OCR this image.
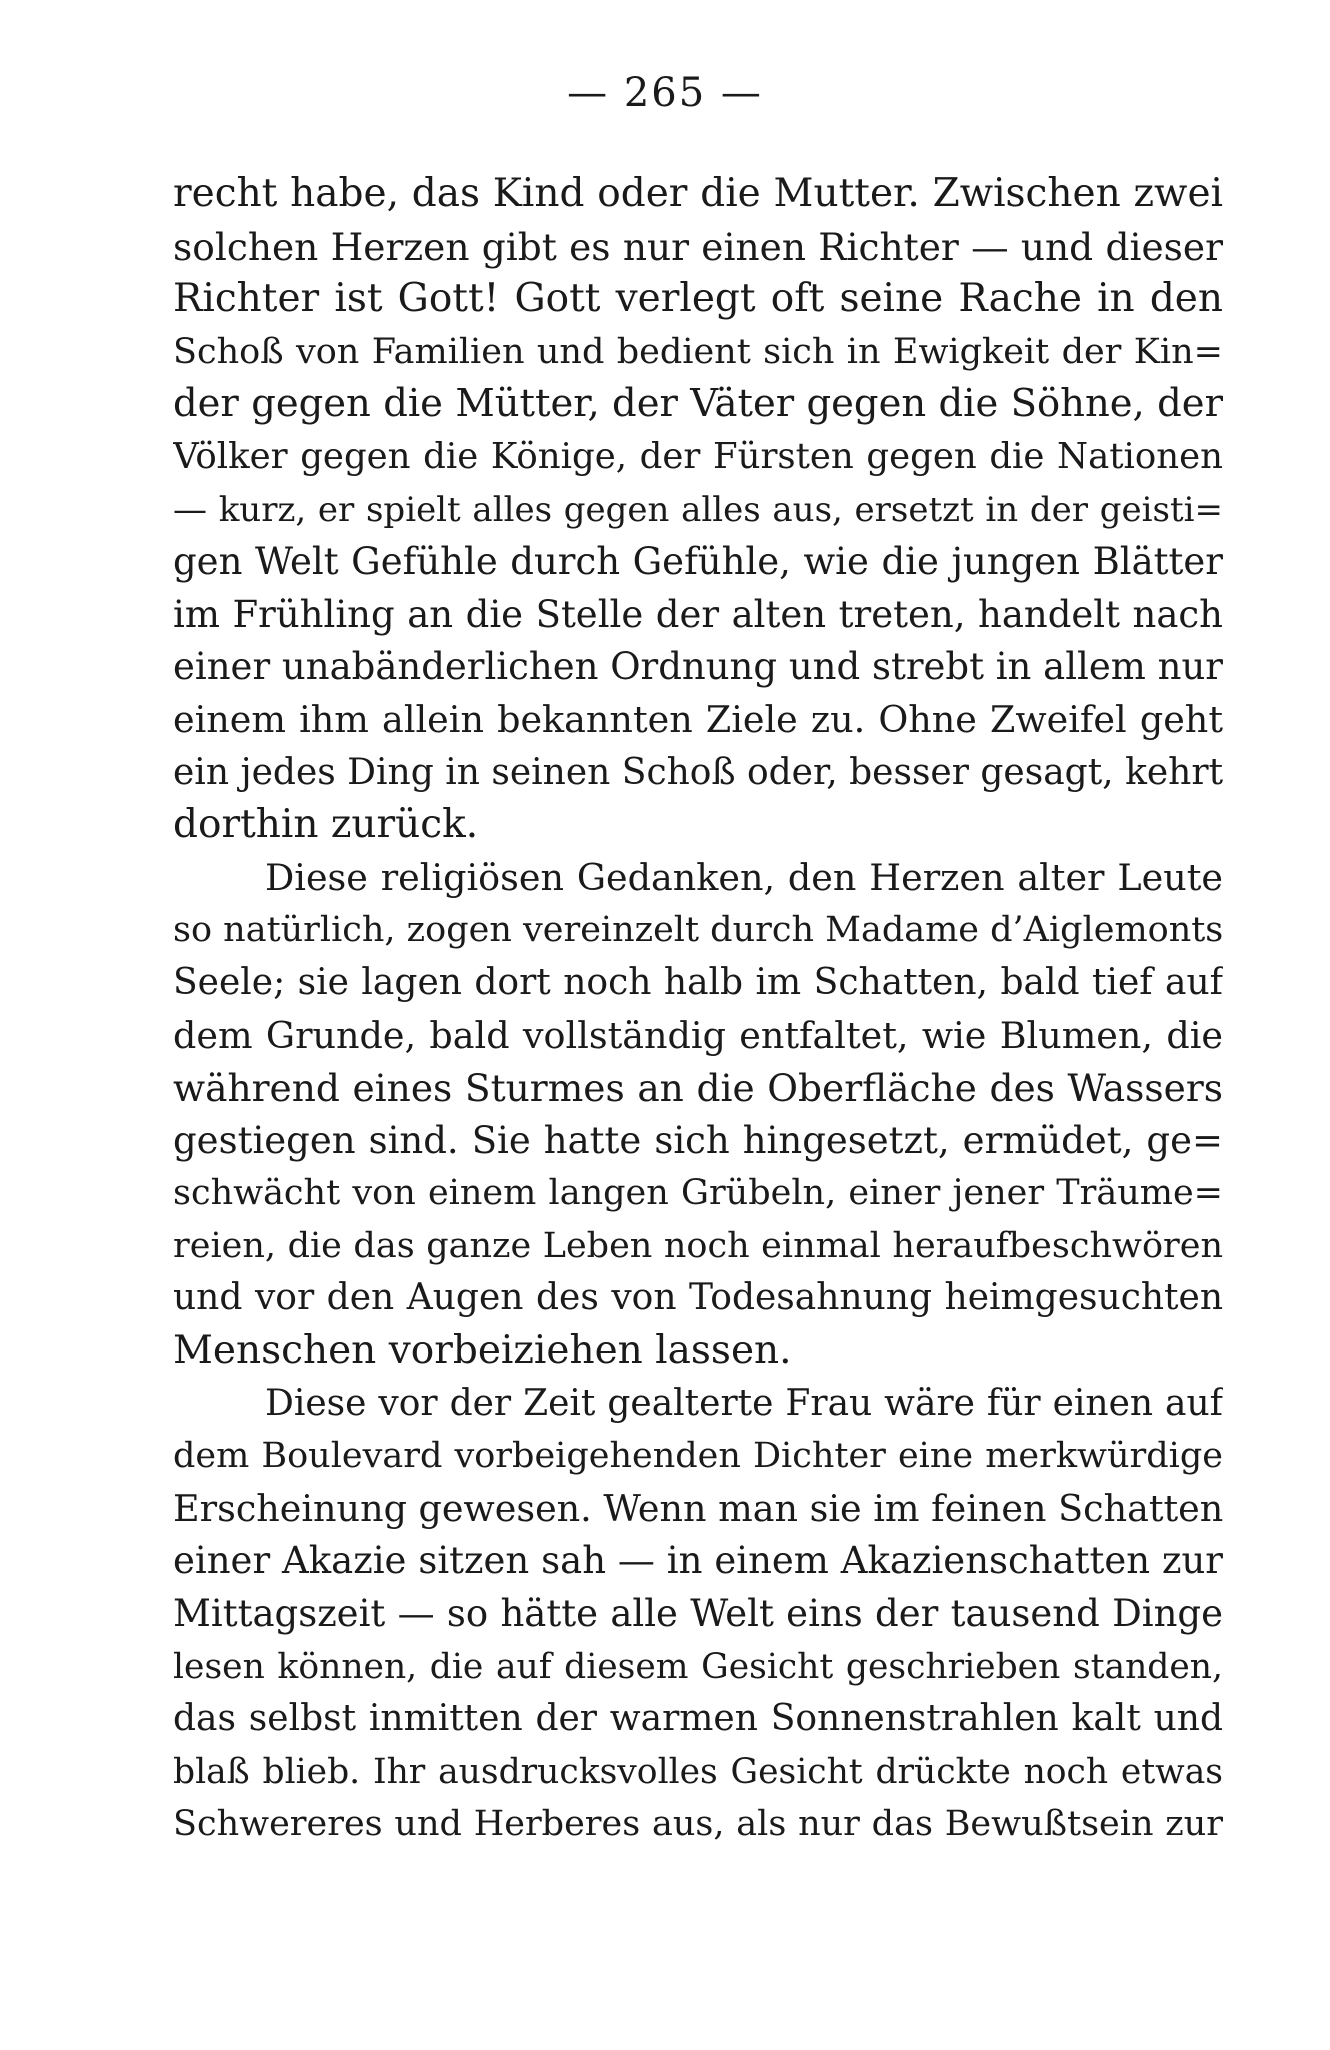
— 265 —
recht habe, das Kind oder die Mutter. Zwischen zwei
solchen Herzen gibt es nur einen Richter — und dieser
Richter ist Gott! Gott verlegt oft seine Rache in den
Schoß von Familien und bedient sich in Ewigkeit der Kin=
der gegen die Mütter, der Väter gegen die Söhne, der
Völker gegen die Könige, der Fürsten gegen die Nationen
— kurz, er spielt alles gegen alles aus, ersetzt in der geisti=
gen Welt Gefühle durch Gefühle, wie die jungen Blätter
im Frühling an die Stelle der alten treten, handelt nach
einer unabänderlichen Ordnung und strebt in allem nur
einem ihm allein bekannten Ziele zu. Ohne Zweifel geht
ein jedes Ding in seinen Schoß oder, besser gesagt, kehrt
dorthin zurück.
Diese religiösen Gedanken, den Herzen alter Leute
so natürlich, zogen vereinzelt durch Madame d’Aiglemonts
Seele; sie lagen dort noch halb im Schatten, bald tief auf
dem Grunde, bald vollständig entfaltet, wie Blumen, die
während eines Sturmes an die Oberfläche des Wassers
gestiegen sind. Sie hatte sich hingesetzt, ermüdet, ge=
schwächt von einem langen Grübeln, einer jener Träume=
reien, die das ganze Leben noch einmal heraufbeschwören
und vor den Augen des von Todesahnung heimgesuchten
Menschen vorbeiziehen lassen.
Diese vor der Zeit gealterte Frau wäre für einen auf
dem Boulevard vorbeigehenden Dichter eine merkwürdige
Erscheinung gewesen. Wenn man sie im feinen Schatten
einer Akazie sitzen sah — in einem Akazienschatten zur
Mittagszeit — so hätte alle Welt eins der tausend Dinge
lesen können, die auf diesem Gesicht geschrieben standen,
das selbst inmitten der warmen Sonnenstrahlen kalt und
blaß blieb. Ihr ausdrucksvolles Gesicht drückte noch etwas
Schwereres und Herberes aus, als nur das Bewußtsein zur
